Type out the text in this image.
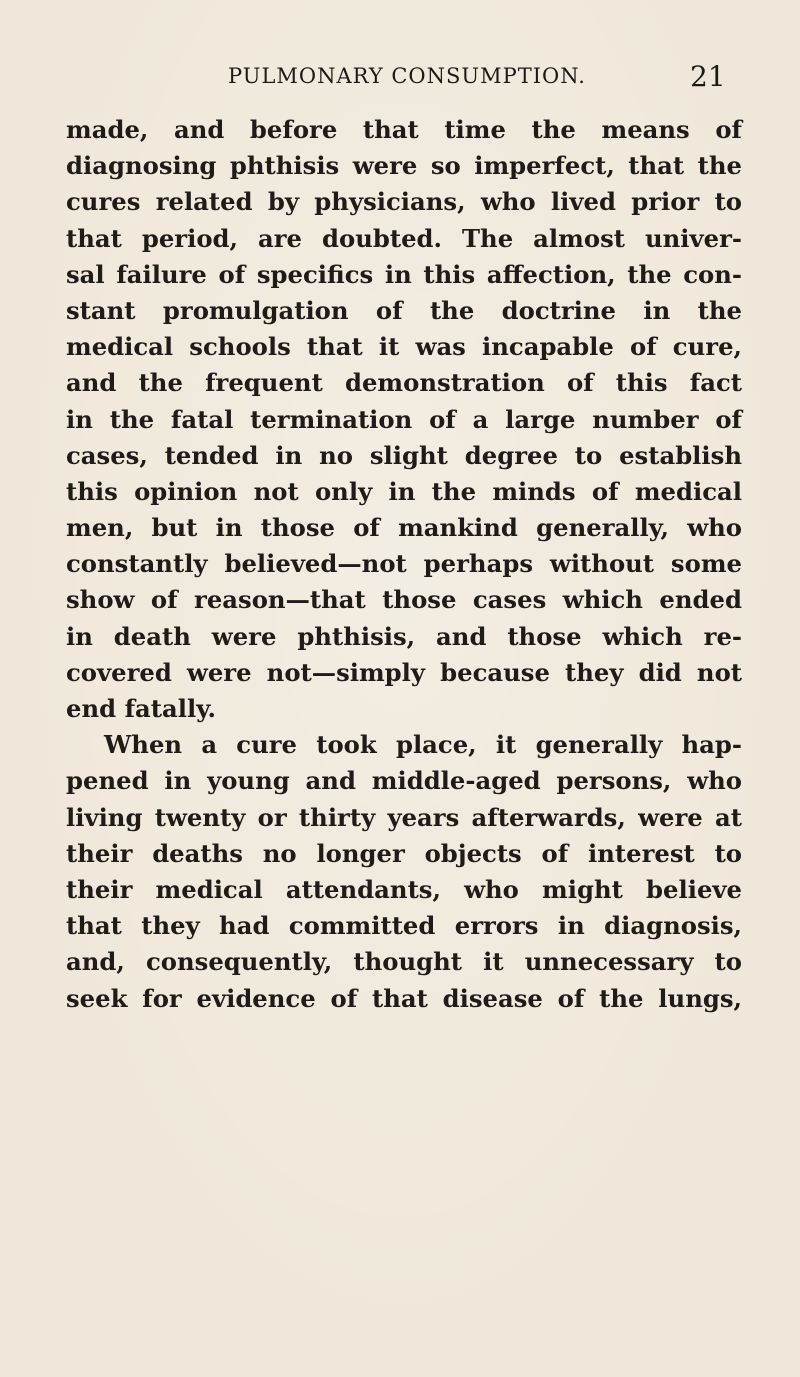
PULMONARY CONSUMPTION.	21
made, and before that time the means of
diagnosing phthisis were so imperfect, that the
cures related by physicians, who lived prior to
that period, are doubted. The almost univer-
sal failure of specifics in this affection, the con-
stant promulgation of the doctrine in the
medical schools that it was incapable of cure,
and the frequent demonstration of this fact
in the fatal termination of a large number of
cases, tended in no slight degree to establish
this opinion not only in the minds of medical
men, but in those of mankind generally, who
constantly believed—not perhaps without some
show of reason—that those cases which ended
in death were phthisis, and those which re-
covered were not—simply because they did not
end fatally.
When a cure took place, it generally hap-
pened in young and middle-aged persons, who
living twenty or thirty years afterwards, were at
their deaths no longer objects of interest to
their medical attendants, who might believe
that they had committed errors in diagnosis,
and, consequently, thought it unnecessary to
seek for evidence of that disease of the lungs,
